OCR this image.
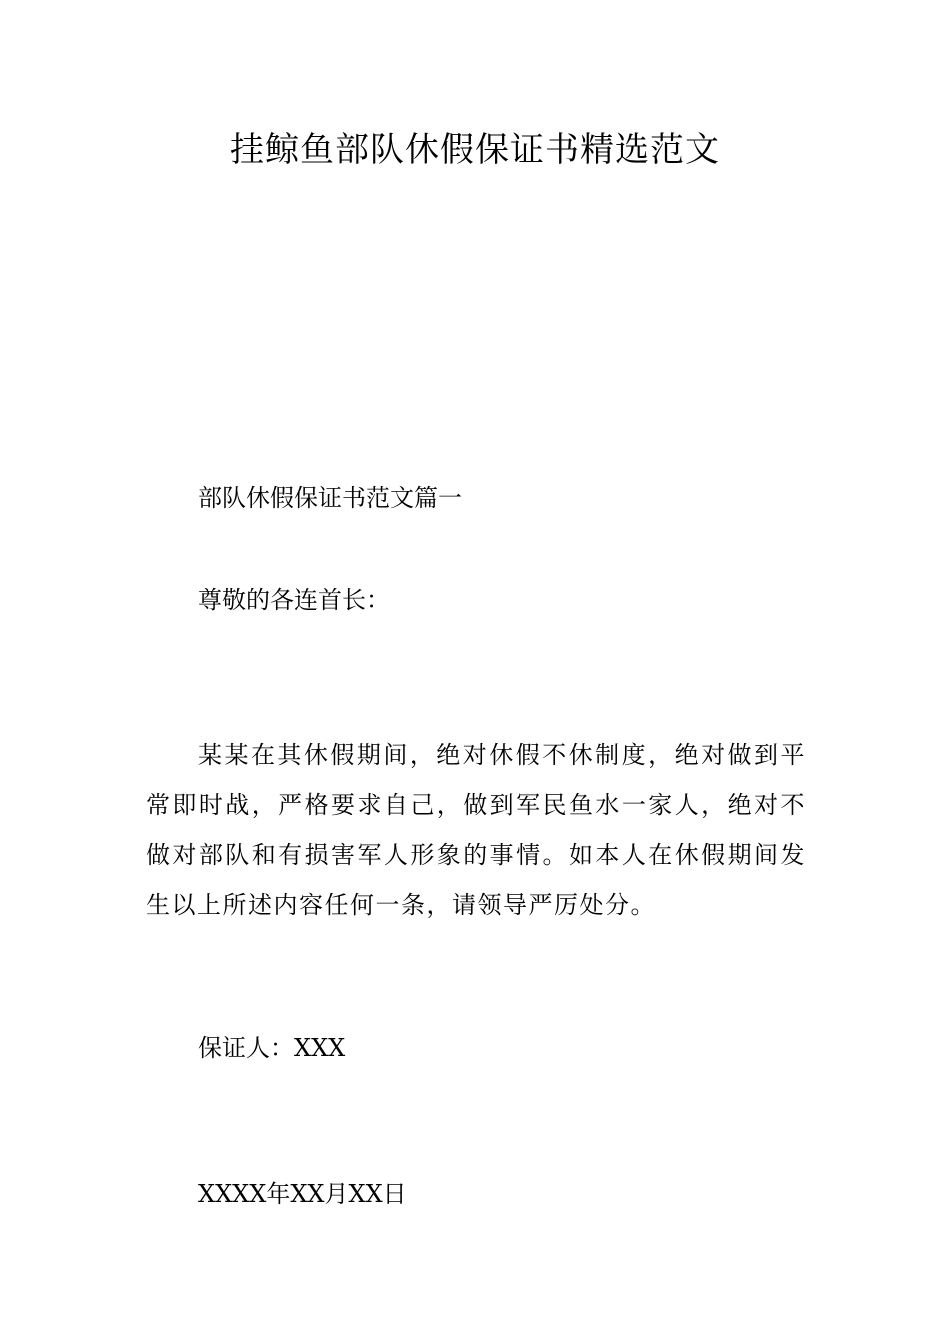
挂鲸鱼部队休假保证书精选范文

部队休假保证书范文篇一

尊敬的各连首长：

某某在其休假期间，绝对休假不休制度，绝对做到平常即时战，严格要求自己，做到军民鱼水一家人，绝对不做对部队和有损害军人形象的事情。如本人在休假期间发生以上所述内容任何一条，请领导严厉处分。

保证人：XXX

XXXX年XX月XX日
